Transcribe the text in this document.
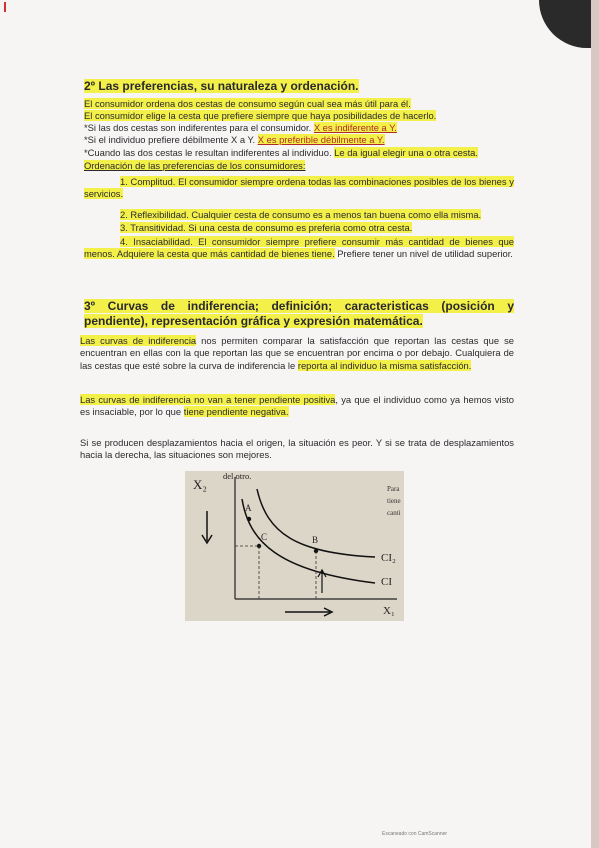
2º Las preferencias, su naturaleza y ordenación.
El consumidor ordena dos cestas de consumo según cual sea más útil para él.
El consumidor elige la cesta que prefiere siempre que haya posibilidades de hacerlo.
*Si las dos cestas son indiferentes para el consumidor. X es indiferente a Y.
*Si el individuo prefiere débilmente X a Y. X es preferible débilmente a Y.
*Cuando las dos cestas le resultan indiferentes al individuo. Le da igual elegir una o otra cesta.
Ordenación de las preferencias de los consumidores:
1. Complitud. El consumidor siempre ordena todas las combinaciones posibles de los bienes y servicios.
2. Reflexibilidad. Cualquier cesta de consumo es a menos tan buena como ella misma.
3. Transitividad. Si una cesta de consumo es preferia como otra cesta.
4. Insaciabilidad. El consumidor siempre prefiere consumir más cantidad de bienes que menos. Adquiere la cesta que más cantidad de bienes tiene. Prefiere tener un nivel de utilidad superior.
3º Curvas de indiferencia; definición; caracteristicas (posición y pendiente), representación gráfica y expresión matemática.
Las curvas de indiferencia nos permiten comparar la satisfacción que reportan las cestas que se encuentran en ellas con la que reportan las que se encuentran por encima o por debajo. Cualquiera de las cestas que esté sobre la curva de indiferencia le reporta al individuo la misma satisfacción.
Las curvas de indiferencia no van a tener pendiente positiva, ya que el individuo como ya hemos visto es insaciable, por lo que tiene pendiente negativa.
Si se producen desplazamientos hacia el origen, la situación es peor. Y si se trata de desplazamientos hacia la derecha, las situaciones son mejores.
del otro.
Para
tiene
canti
X₂
X₁
CI₂
CI
A
C	B
Escaneado con CamScanner
